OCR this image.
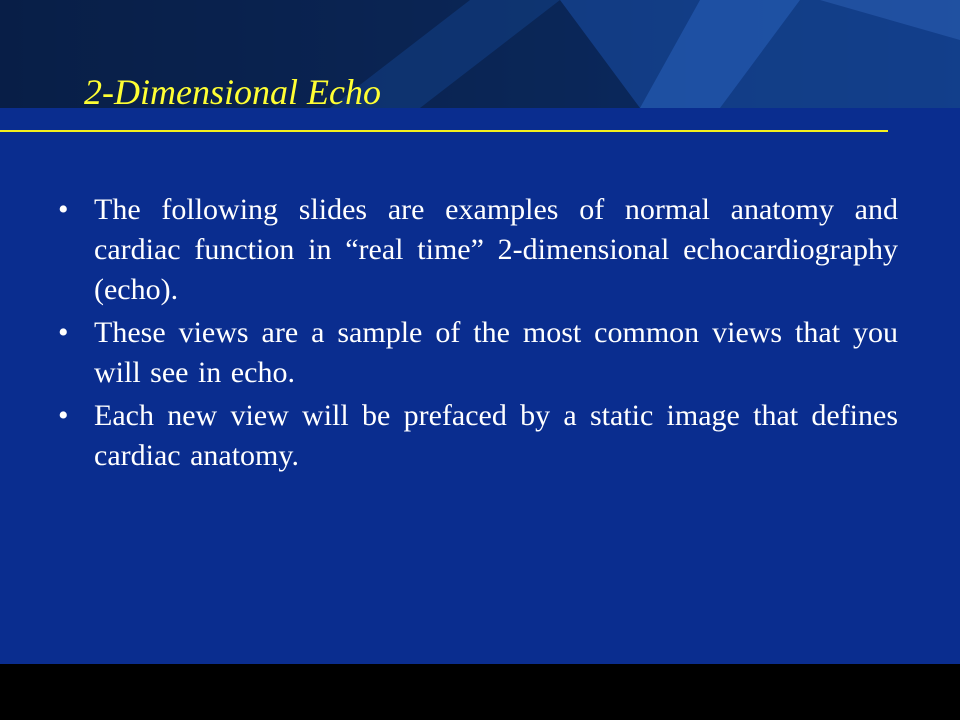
2-Dimensional Echo
• The following slides are examples of normal anatomy and cardiac function in “real time” 2-dimensional echocardiography (echo).
• These views are a sample of the most common views that you will see in echo.
• Each new view will be prefaced by a static image that defines cardiac anatomy.
